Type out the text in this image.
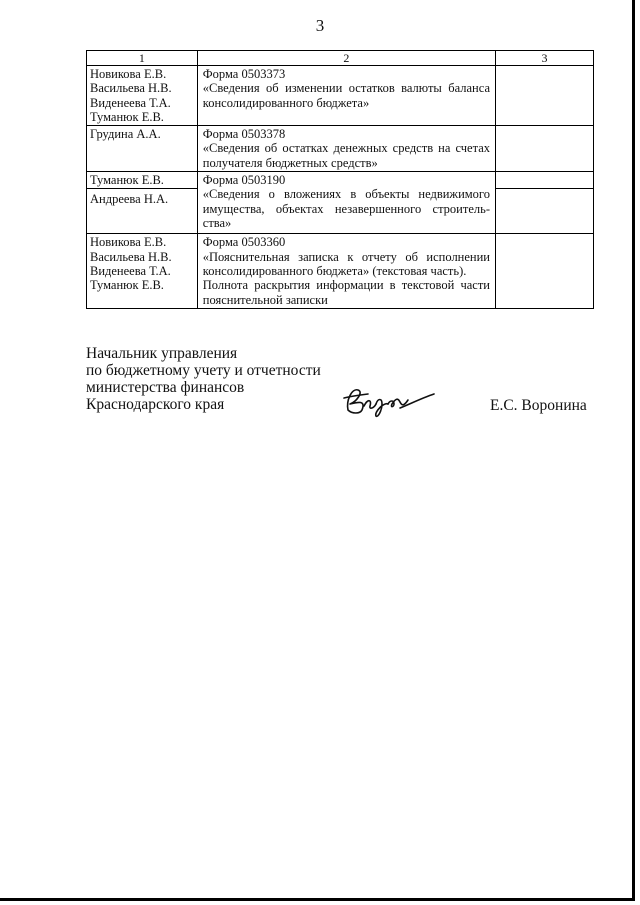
3
1	2	3

Новикова Е.В.
Васильева Н.В.
Виденеева Т.А.
Туманюк Е.В.	Форма 0503373
«Сведения об изменении остатков валюты баланса консолидированного бюджета»	

Грудина А.А.	Форма 0503378
«Сведения об остатках денежных средств на счетах получателя бюджетных средств»	

Туманюк Е.В.	Форма 0503190
«Сведения о вложениях в объекты недвижимого имущества, объектах незавершенного строитель-ства»	

Андреева Н.А.		

Новикова Е.В.
Васильева Н.В.
Виденеева Т.А.
Туманюк Е.В.	Форма 0503360
«Пояснительная записка к отчету об исполнении консолидированного бюджета» (текстовая часть).
Полнота раскрытия информации в текстовой части пояснительной записки	

Начальник управления
по бюджетному учету и отчетности
министерства финансов
Краснодарского края	Е.С. Воронина
